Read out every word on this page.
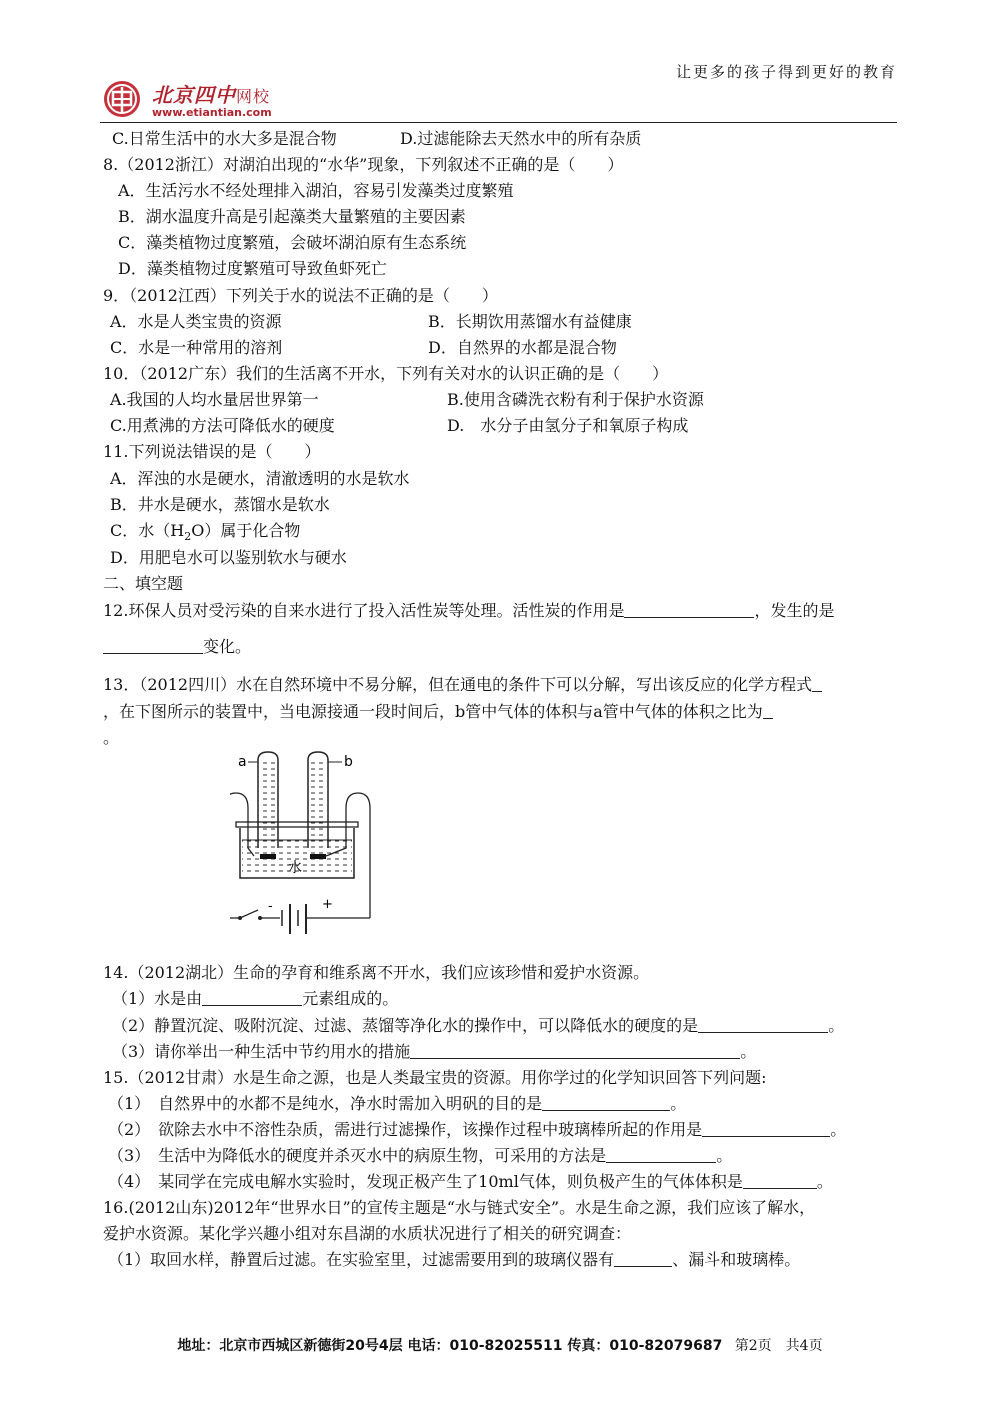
北京四中网校
www.etiantian.com
让更多的孩子得到更好的教育
C.日常生活中的水大多是混合物	D.过滤能除去天然水中的所有杂质
8.（2012浙江）对湖泊出现的“水华”现象，下列叙述不正确的是（　　）
A．生活污水不经处理排入湖泊，容易引发藻类过度繁殖
B．湖水温度升高是引起藻类大量繁殖的主要因素
C．藻类植物过度繁殖，会破坏湖泊原有生态系统
D．藻类植物过度繁殖可导致鱼虾死亡
9．（2012江西）下列关于水的说法不正确的是（　　）
A．水是人类宝贵的资源	B．长期饮用蒸馏水有益健康
C．水是一种常用的溶剂	D．自然界的水都是混合物
10．（2012广东）我们的生活离不开水，下列有关对水的认识正确的是（　　）
A.我国的人均水量居世界第一	B.使用含磷洗衣粉有利于保护水资源
C.用煮沸的方法可降低水的硬度	D.　水分子由氢分子和氧原子构成
11.下列说法错误的是（　　）
A．浑浊的水是硬水，清澈透明的水是软水
B．井水是硬水，蒸馏水是软水
C．水$(H_2O)$属于化合物
D．用肥皂水可以鉴别软水与硬水
二、填空题
12.环保人员对受污染的自来水进行了投入活性炭等处理。活性炭的作用是	，发生的是
变化。
13．（2012四川）水在自然环境中不易分解，但在通电的条件下可以分解，写出该反应的化学方程式
，在下图所示的装置中，当电源接通一段时间后，b管中气体的体积与a管中气体的体积之比为
。
a	b
水
-	+
14.（2012湖北）生命的孕育和维系离不开水，我们应该珍惜和爱护水资源。
（1）水是由	元素组成的。
（2）静置沉淀、吸附沉淀、过滤、蒸馏等净化水的操作中，可以降低水的硬度的是	。
（3）请你举出一种生活中节约用水的措施	。
15.（2012甘肃）水是生命之源，也是人类最宝贵的资源。用你学过的化学知识回答下列问题:
（1）　自然界中的水都不是纯水，净水时需加入明矾的目的是	。
（2）　欲除去水中不溶性杂质，需进行过滤操作，该操作过程中玻璃棒所起的作用是	。
（3）　生活中为降低水的硬度并杀灭水中的病原生物，可采用的方法是	。
（4）　某同学在完成电解水实验时，发现正极产生了10ml气体，则负极产生的气体体积是	。
16.(2012山东)2012年“世界水日”的宣传主题是“水与链式安全”。水是生命之源，我们应该了解水，
爱护水资源。某化学兴趣小组对东昌湖的水质状况进行了相关的研究调查：
（1）取回水样，静置后过滤。在实验室里，过滤需要用到的玻璃仪器有	、漏斗和玻璃棒。
地址：北京市西城区新德街20号4层 电话：010-82025511 传真：010-82079687 第2页　共4页
